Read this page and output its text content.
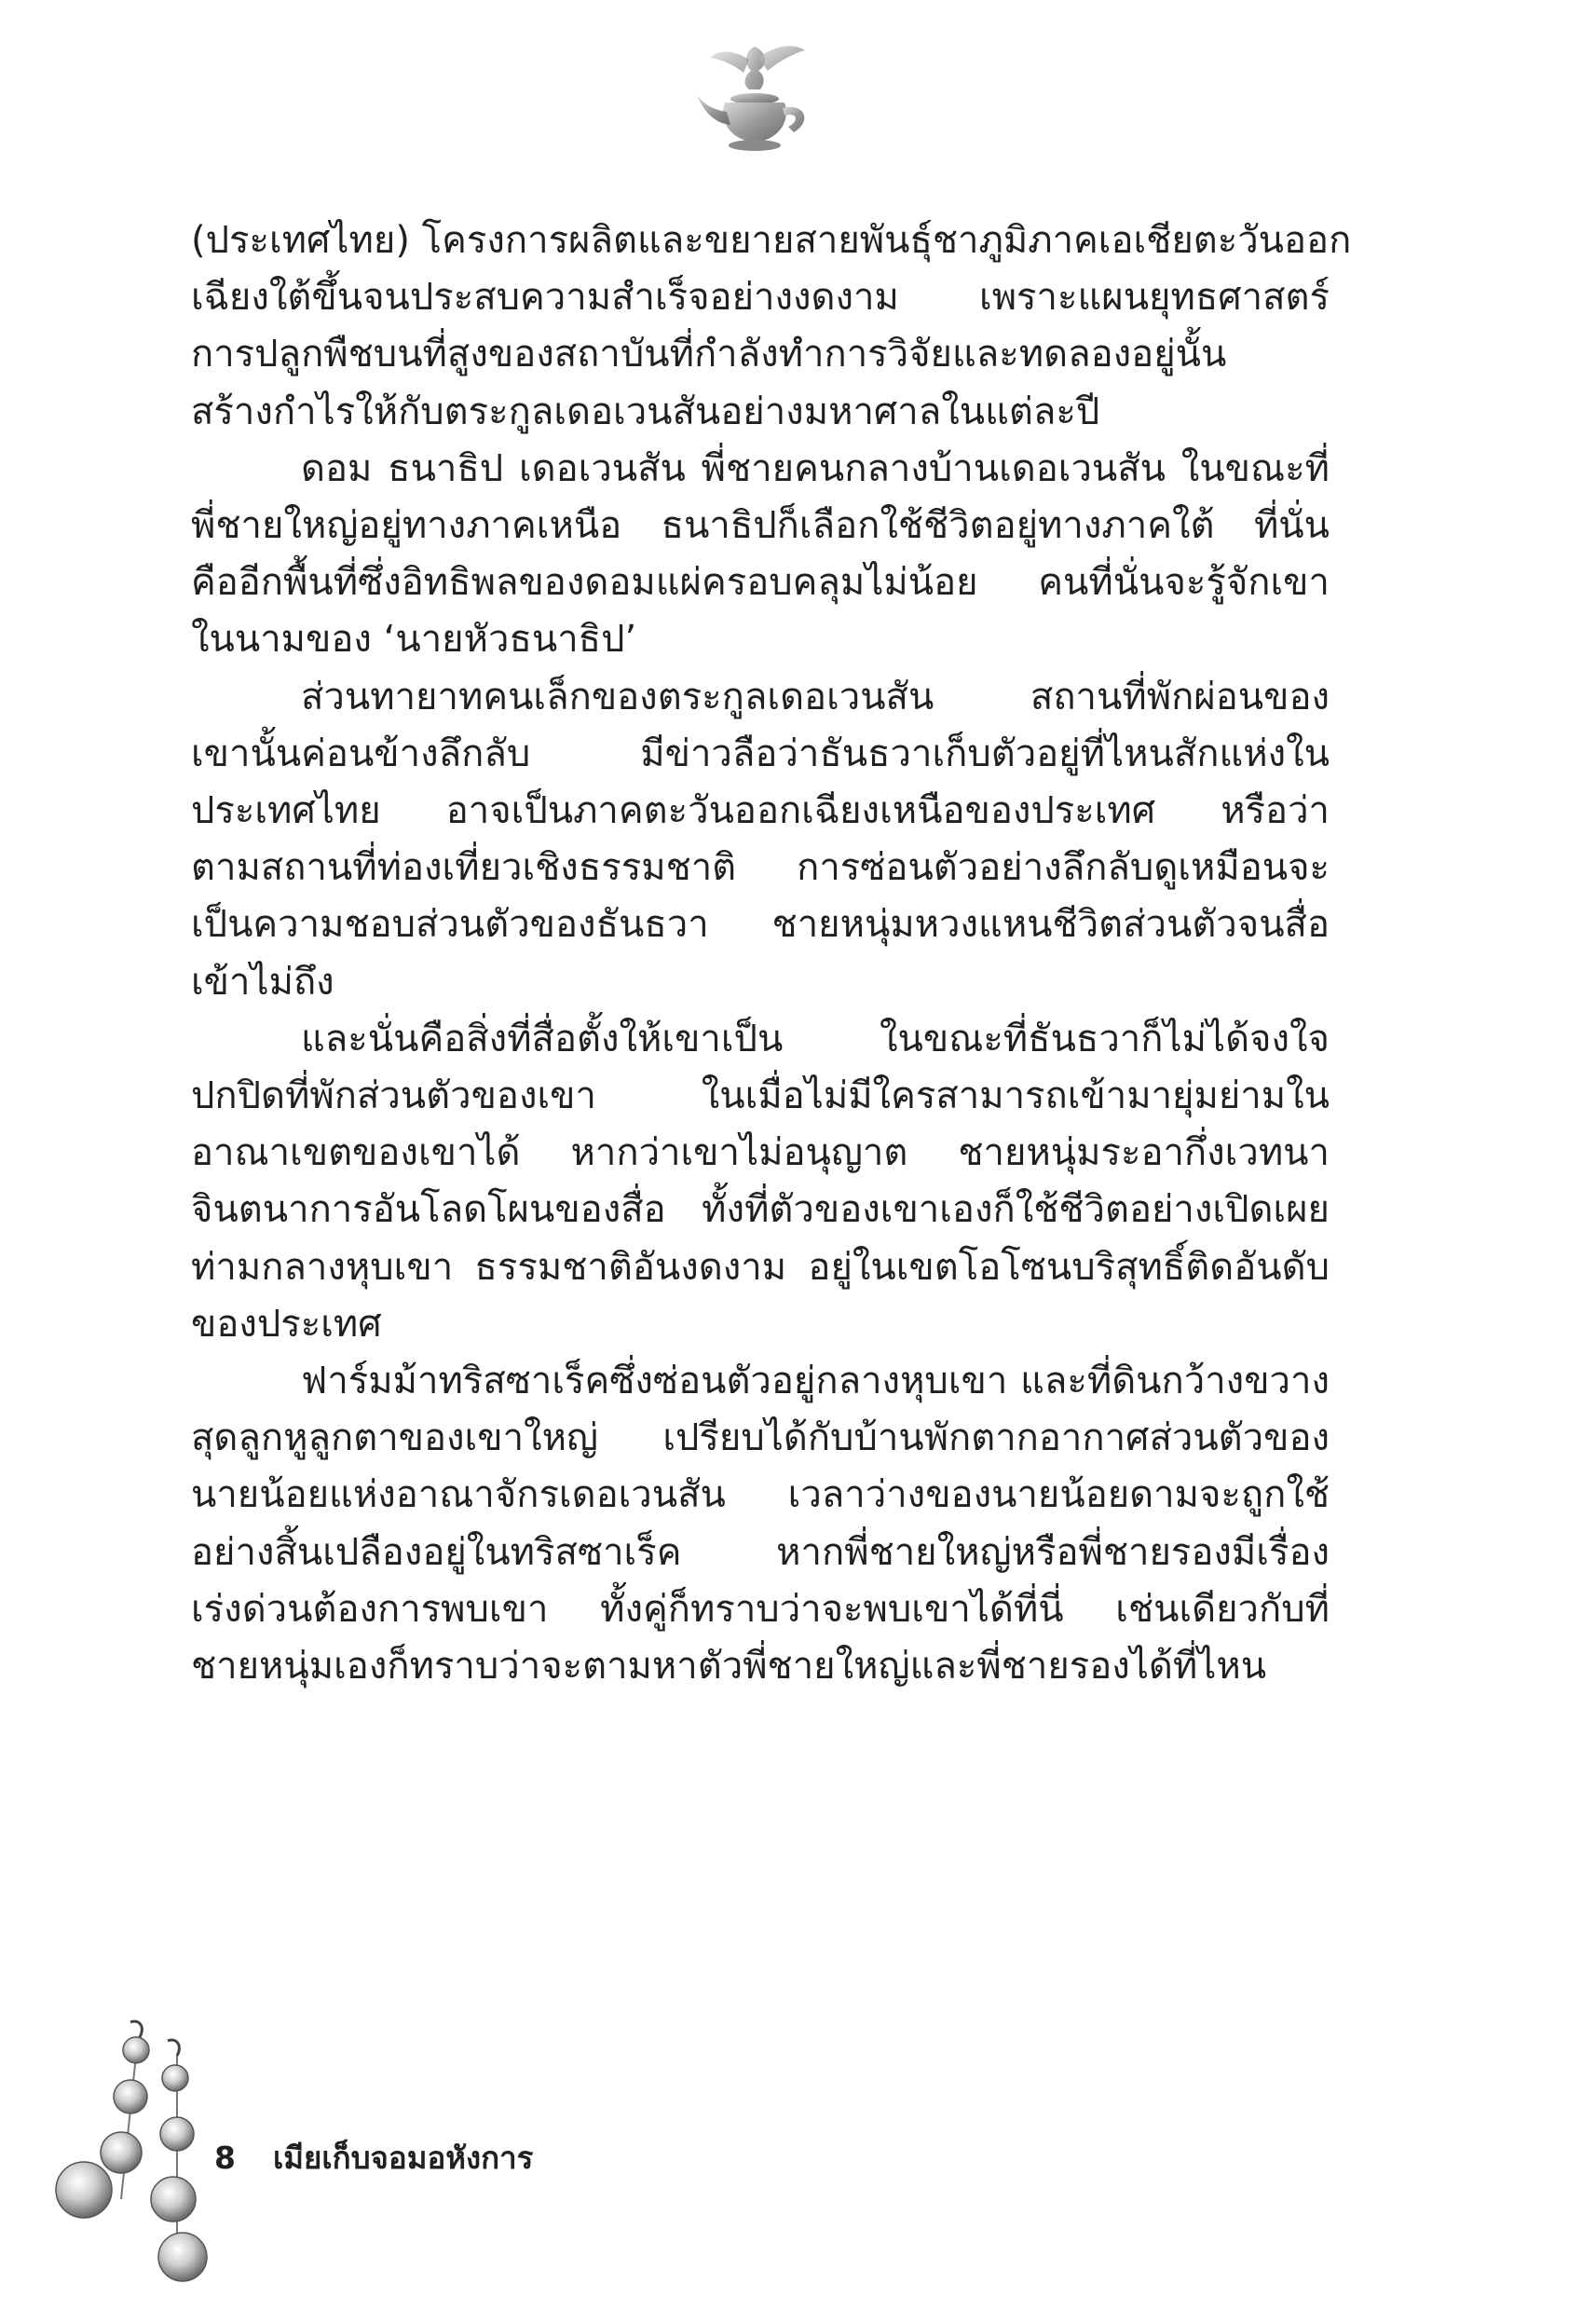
(ประเทศไทย) โครงการผลิตและขยายสายพันธุ์ชาภูมิภาคเอเชียตะวันออก
เฉียงใต้ขึ้นจนประสบความสำเร็จอย่างงดงาม เพราะแผนยุทธศาสตร์
การปลูกพืชบนที่สูงของสถาบันที่กำลังทำการวิจัยและทดลองอยู่นั้น
สร้างกำไรให้กับตระกูลเดอเวนสันอย่างมหาศาลในแต่ละปี
ดอม ธนาธิป เดอเวนสัน พี่ชายคนกลางบ้านเดอเวนสัน ในขณะที่
พี่ชายใหญ่อยู่ทางภาคเหนือ ธนาธิปก็เลือกใช้ชีวิตอยู่ทางภาคใต้ ที่นั่น
คืออีกพื้นที่ซึ่งอิทธิพลของดอมแผ่ครอบคลุมไม่น้อย คนที่นั่นจะรู้จักเขา
ในนามของ ‘นายหัวธนาธิป’
ส่วนทายาทคนเล็กของตระกูลเดอเวนสัน สถานที่พักผ่อนของ
เขานั้นค่อนข้างลึกลับ มีข่าวลือว่าธันธวาเก็บตัวอยู่ที่ไหนสักแห่งใน
ประเทศไทย อาจเป็นภาคตะวันออกเฉียงเหนือของประเทศ หรือว่า
ตามสถานที่ท่องเที่ยวเชิงธรรมชาติ การซ่อนตัวอย่างลึกลับดูเหมือนจะ
เป็นความชอบส่วนตัวของธันธวา ชายหนุ่มหวงแหนชีวิตส่วนตัวจนสื่อ
เข้าไม่ถึง
และนั่นคือสิ่งที่สื่อตั้งให้เขาเป็น ในขณะที่ธันธวาก็ไม่ได้จงใจ
ปกปิดที่พักส่วนตัวของเขา ในเมื่อไม่มีใครสามารถเข้ามายุ่มย่ามใน
อาณาเขตของเขาได้ หากว่าเขาไม่อนุญาต ชายหนุ่มระอากึ่งเวทนา
จินตนาการอันโลดโผนของสื่อ ทั้งที่ตัวของเขาเองก็ใช้ชีวิตอย่างเปิดเผย
ท่ามกลางหุบเขา ธรรมชาติอันงดงาม อยู่ในเขตโอโซนบริสุทธิ์ติดอันดับ
ของประเทศ
ฟาร์มม้าทริสซาเร็คซึ่งซ่อนตัวอยู่กลางหุบเขา และที่ดินกว้างขวาง
สุดลูกหูลูกตาของเขาใหญ่ เปรียบได้กับบ้านพักตากอากาศส่วนตัวของ
นายน้อยแห่งอาณาจักรเดอเวนสัน เวลาว่างของนายน้อยดามจะถูกใช้
อย่างสิ้นเปลืองอยู่ในทริสซาเร็ค หากพี่ชายใหญ่หรือพี่ชายรองมีเรื่อง
เร่งด่วนต้องการพบเขา ทั้งคู่ก็ทราบว่าจะพบเขาได้ที่นี่ เช่นเดียวกับที่
ชายหนุ่มเองก็ทราบว่าจะตามหาตัวพี่ชายใหญ่และพี่ชายรองได้ที่ไหน
8 เมียเก็บจอมอหังการ
